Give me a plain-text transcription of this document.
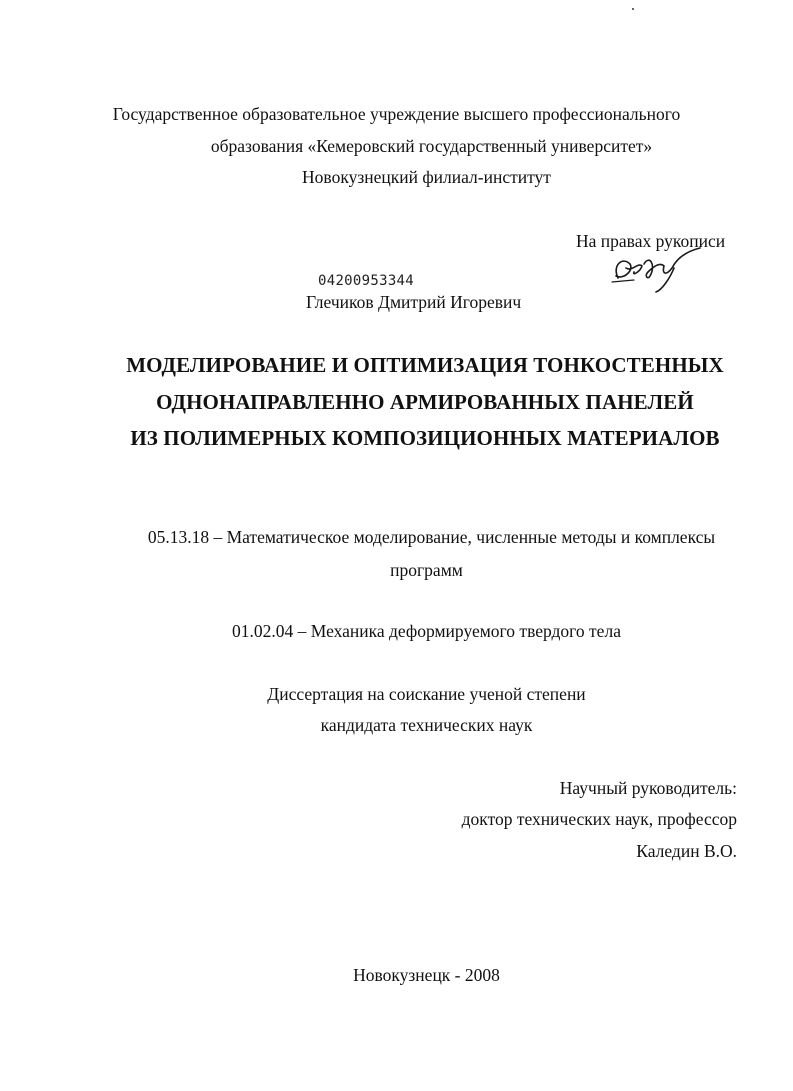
Государственное образовательное учреждение высшего профессионального
образования «Кемеровский государственный университет»
Новокузнецкий филиал-институт
На правах рукописи
04200953344
Глечиков Дмитрий Игоревич
МОДЕЛИРОВАНИЕ И ОПТИМИЗАЦИЯ ТОНКОСТЕННЫХ
ОДНОНАПРАВЛЕННО АРМИРОВАННЫХ ПАНЕЛЕЙ
ИЗ ПОЛИМЕРНЫХ КОМПОЗИЦИОННЫХ МАТЕРИАЛОВ
05.13.18 – Математическое моделирование, численные методы и комплексы
программ
01.02.04 – Механика деформируемого твердого тела
Диссертация на соискание ученой степени
кандидата технических наук
Научный руководитель:
доктор технических наук, профессор
Каледин В.О.
Новокузнецк - 2008
